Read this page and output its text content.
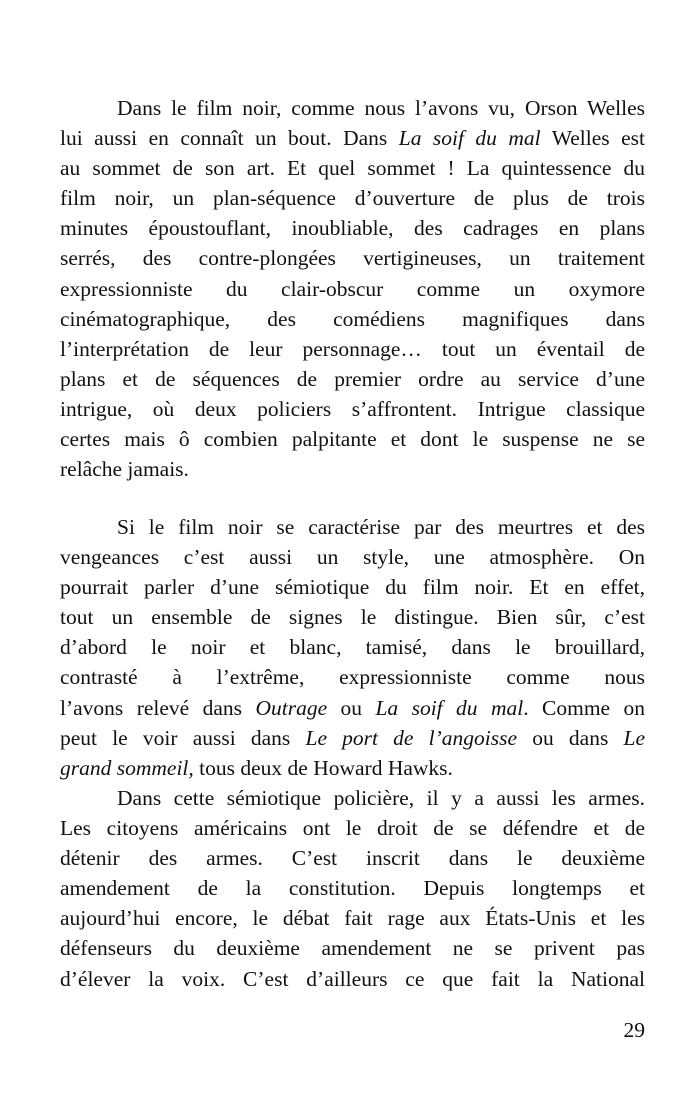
Dans le film noir, comme nous l’avons vu, Orson Welles
lui aussi en connaît un bout. Dans La soif du mal Welles est
au sommet de son art. Et quel sommet ! La quintessence du
film noir, un plan-séquence d’ouverture de plus de trois
minutes époustouflant, inoubliable, des cadrages en plans
serrés, des contre-plongées vertigineuses, un traitement
expressionniste du clair-obscur comme un oxymore
cinématographique, des comédiens magnifiques dans
l’interprétation de leur personnage… tout un éventail de
plans et de séquences de premier ordre au service d’une
intrigue, où deux policiers s’affrontent. Intrigue classique
certes mais ô combien palpitante et dont le suspense ne se
relâche jamais.
Si le film noir se caractérise par des meurtres et des
vengeances c’est aussi un style, une atmosphère. On
pourrait parler d’une sémiotique du film noir. Et en effet,
tout un ensemble de signes le distingue. Bien sûr, c’est
d’abord le noir et blanc, tamisé, dans le brouillard,
contrasté à l’extrême, expressionniste comme nous
l’avons relevé dans Outrage ou La soif du mal. Comme on
peut le voir aussi dans Le port de l’angoisse ou dans Le
grand sommeil, tous deux de Howard Hawks.
Dans cette sémiotique policière, il y a aussi les armes.
Les citoyens américains ont le droit de se défendre et de
détenir des armes. C’est inscrit dans le deuxième
amendement de la constitution. Depuis longtemps et
aujourd’hui encore, le débat fait rage aux États-Unis et les
défenseurs du deuxième amendement ne se privent pas
d’élever la voix. C’est d’ailleurs ce que fait la National
29
